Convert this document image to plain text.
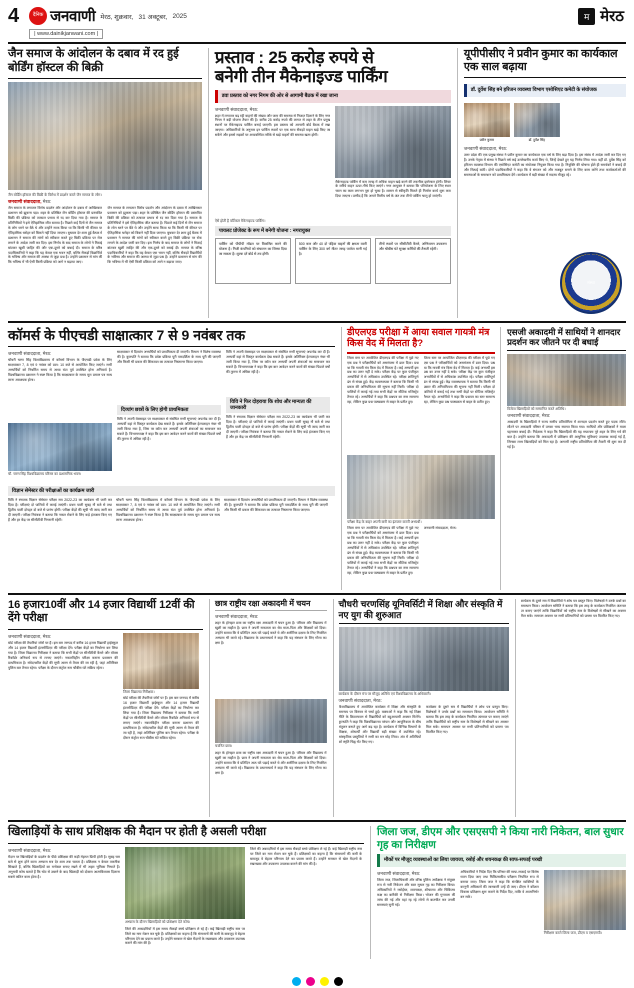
4	दैनिक जनवाणी मेरठ, शुक्रवार, 31 अक्टूबर, 2025
| www.dainikjanwani.com |
म मेरठ
जैन समाज के आंदोलन के दबाव में रद हुई बोर्डिंग हॉस्टल की बिक्री
जैन बोर्डिंग हॉस्टल की बिक्री के विरोध में प्रदर्शन करते जैन समाज के लोग।
जनवाणी संवाददाता, मेरठ:
जैन समाज के लगातार विरोध प्रदर्शन और आंदोलन के दबाव में आखिरकार प्रशासन को झुकना पड़ा। शहर के प्रतिष्ठित जैन बोर्डिंग हॉस्टल की प्रस्तावित बिक्री की प्रक्रिया को तत्काल प्रभाव से रद कर दिया गया है। समाज के प्रतिनिधियों ने इसे ऐतिहासिक जीत बताया है। पिछले कई दिनों से जैन समाज के लोग धरने पर बैठे थे और उन्होंने साफ किया था कि किसी भी कीमत पर ऐतिहासिक धरोहर को बिकने नहीं दिया जाएगा। बुधवार देर शाम हुई बैठक में प्रशासन ने समाज की मांगों को स्वीकार करते हुए बिक्री प्रक्रिया पर रोक लगाने के आदेश जारी कर दिए। इस निर्णय के बाद समाज के लोगों ने मिठाई बांटकर खुशी जाहिर की और एक-दूसरे को बधाई दी। समाज के वरिष्ठ पदाधिकारियों ने कहा कि यह केवल एक भवन नहीं, बल्कि सैकड़ों विद्यार्थियों के भविष्य और समाज की आस्था से जुड़ा प्रश्न है। उन्होंने प्रशासन से मांग की कि भविष्य में भी ऐसी किसी प्रक्रिया को आगे न बढ़ाया जाए।
जैन समाज के लगातार विरोध प्रदर्शन और आंदोलन के दबाव में आखिरकार प्रशासन को झुकना पड़ा। शहर के प्रतिष्ठित जैन बोर्डिंग हॉस्टल की प्रस्तावित बिक्री की प्रक्रिया को तत्काल प्रभाव से रद कर दिया गया है। समाज के प्रतिनिधियों ने इसे ऐतिहासिक जीत बताया है। पिछले कई दिनों से जैन समाज के लोग धरने पर बैठे थे और उन्होंने साफ किया था कि किसी भी कीमत पर ऐतिहासिक धरोहर को बिकने नहीं दिया जाएगा। बुधवार देर शाम हुई बैठक में प्रशासन ने समाज की मांगों को स्वीकार करते हुए बिक्री प्रक्रिया पर रोक लगाने के आदेश जारी कर दिए। इस निर्णय के बाद समाज के लोगों ने मिठाई बांटकर खुशी जाहिर की और एक-दूसरे को बधाई दी। समाज के वरिष्ठ पदाधिकारियों ने कहा कि यह केवल एक भवन नहीं, बल्कि सैकड़ों विद्यार्थियों के भविष्य और समाज की आस्था से जुड़ा प्रश्न है। उन्होंने प्रशासन से मांग की कि भविष्य में भी ऐसी किसी प्रक्रिया को आगे न बढ़ाया जाए।
प्रस्ताव : 25 करोड़ रुपये से
बनेगी तीन मैकेनाइज्ड पार्किंग
डवा प्रस्ताव को नगर निगम की ओर से आगामी बैठक में रखा जाना
जनवाणी संवाददाता, मेरठ:
शहर में लगातार बढ़ रही वाहनों की संख्या और जाम की समस्या से निजात दिलाने के लिए नगर निगम ने बड़ी योजना तैयार की है। करीब 25 करोड़ रुपये की लागत से शहर के तीन प्रमुख स्थानों पर मैकेनाइज्ड पार्किंग बनाई जाएगी। इस प्रस्ताव को आगामी बोर्ड बैठक में रखा जाएगा। अधिकारियों के अनुसार इन पार्किंग स्थलों पर एक साथ सैकड़ों वाहन खड़े किए जा सकेंगे और इससे सड़कों पर अव्यवस्थित तरीके से खड़े वाहनों की समस्या खत्म होगी।
मैकेनाइज्ड पार्किंग में कम जगह में अधिक वाहन खड़े करने की तकनीक इस्तेमाल होगी। लिफ्ट के जरिये वाहन ऊपर-नीचे किए जाएंगे। नगर आयुक्त ने बताया कि परियोजना के लिए स्थल चयन का काम लगभग पूरा हो चुका है। शासन से स्वीकृति मिलते ही निर्माण कार्य शुरू करा दिया जाएगा। उम्मीद है कि अगले वित्तीय वर्ष के अंत तक तीनों पार्किंग चालू हो जाएंगी।
ऐसे होती है वर्टिकल मैकेनाइज्ड पार्किंग।
पायलट प्रोजेक्ट के रूप में बनेगी योजना : नगरायुक्त
पार्किंग को पीपीपी मॉडल पर विकसित करने की योजना है। निजी कंपनियों को संचालन का जिम्मा दिया जा सकता है। शुल्क दरें बोर्ड से तय होंगी।
500 कार और 40 दो पहिया वाहनों की क्षमता वाली पार्किंग के लिए 300 वर्ग मीटर जगह पर्याप्त मानी गई है।
तीनों स्थलों पर सीसीटीवी कैमरे, अग्निशमन उपकरण और चौबीस घंटे सुरक्षा कर्मियों की तैनाती रहेगी।
यूपीपीसीए ने प्रवीन कुमार का कार्यकाल एक साल बढ़ाया
डॉ. दुर्वेश सिंह बने हरिजन व्यवस्था विभाग एसोसिएट कमेटी के संयोजक
प्रवीन कुमार	डॉ. दुर्वेश सिंह
जनवाणी संवाददाता, मेरठ:
उत्तर प्रदेश की एक प्रमुख संस्था ने प्रवीन कुमार का कार्यकाल एक वर्ष के लिए बढ़ा दिया है। इस संबंध में आदेश जारी कर दिए गए हैं। उनके नेतृत्व में संस्था ने पिछले वर्ष कई उल्लेखनीय कार्य किए थे, जिन्हें देखते हुए यह निर्णय लिया गया। वहीं डॉ. दुर्वेश सिंह को हरिजन व्यवस्था विभाग की एसोसिएट कमेटी का संयोजक नियुक्त किया गया है। नियुक्ति की घोषणा होते ही समर्थकों ने बधाई दी और मिठाई बांटी। दोनों पदाधिकारियों ने कहा कि वे संगठन को और मजबूत बनाने के लिए काम करेंगे तथा कार्यकर्ताओं की समस्याओं के समाधान को प्राथमिकता देंगे। कार्यक्रम में बड़ी संख्या में सदस्य मौजूद रहे।
संस्था
कॉमर्स के पीएचडी साक्षात्कार 7 से 9 नवंबर तक
जनवाणी संवाददाता, मेरठ:
चौधरी चरण सिंह विश्वविद्यालय में कॉमर्स विभाग के पीएचडी प्रवेश के लिए साक्षात्कार 7, 8 एवं 9 नवंबर को प्रात: 10 बजे से आयोजित किए जाएंगे। सभी अभ्यर्थियों को निर्धारित समय से आधा घंटा पूर्व उपस्थित होना अनिवार्य है। विश्वविद्यालय प्रशासन ने स्पष्ट किया है कि साक्षात्कार के समय मूल प्रमाण पत्र साथ लाना आवश्यक होगा।
चौ. चरण सिंह विश्वविद्यालय परिसर का प्रशासनिक भवन।
साक्षात्कार में दिव्यांग अभ्यर्थियों को प्राथमिकता दी जाएगी। विभाग ने विशेष व्यवस्था की है। कुलपति ने बताया कि प्रवेश प्रक्रिया पूरी पारदर्शिता के साथ पूरी की जाएगी और किसी भी प्रकार की शिकायत का तत्काल निस्तारण किया जाएगा।
दिव्यांग छात्रों के लिए होगी प्राथमिकता
विवि ने अपनी वेबसाइट पर साक्षात्कार से संबंधित सभी सूचनाएं अपलोड कर दी हैं। अभ्यर्थी वहां से विस्तृत कार्यक्रम देख सकते हैं। इसके अतिरिक्त हेल्पलाइन नंबर भी जारी किया गया है, जिस पर कॉल कर अभ्यर्थी अपनी शंकाओं का समाधान कर सकते हैं। विभागाध्यक्ष ने कहा कि इस बार आवेदन करने वालों की संख्या पिछले वर्षों की तुलना में अधिक रही है।
विवि ने अपनी वेबसाइट पर साक्षात्कार से संबंधित सभी सूचनाएं अपलोड कर दी हैं। अभ्यर्थी वहां से विस्तृत कार्यक्रम देख सकते हैं। इसके अतिरिक्त हेल्पलाइन नंबर भी जारी किया गया है, जिस पर कॉल कर अभ्यर्थी अपनी शंकाओं का समाधान कर सकते हैं। विभागाध्यक्ष ने कहा कि इस बार आवेदन करने वालों की संख्या पिछले वर्षों की तुलना में अधिक रही है।
विवि ने फिर दोहराया कि शोध और मान्यता की जानकारी
विवि ने स्नातक विज्ञान सेमेस्टर परीक्षा सत्र 2022-23 का कार्यक्रम भी जारी कर दिया है। परीक्षाएं दो पालियों में कराई जाएंगी। प्रथम पाली सुबह नौ बजे से तथा द्वितीय पाली दोपहर दो बजे से प्रारंभ होगी। परीक्षा केंद्रों की सूची भी जल्द जारी कर दी जाएगी। परीक्षा नियंत्रक ने बताया कि नकल रोकने के लिए कड़े इंतजाम किए गए हैं और हर केंद्र पर सीसीटीवी निगरानी रहेगी।
विज्ञान सेमेस्टर की परीक्षाओं का कार्यक्रम जारी
विवि ने स्नातक विज्ञान सेमेस्टर परीक्षा सत्र 2022-23 का कार्यक्रम भी जारी कर दिया है। परीक्षाएं दो पालियों में कराई जाएंगी। प्रथम पाली सुबह नौ बजे से तथा द्वितीय पाली दोपहर दो बजे से प्रारंभ होगी। परीक्षा केंद्रों की सूची भी जल्द जारी कर दी जाएगी। परीक्षा नियंत्रक ने बताया कि नकल रोकने के लिए कड़े इंतजाम किए गए हैं और हर केंद्र पर सीसीटीवी निगरानी रहेगी।
चौधरी चरण सिंह विश्वविद्यालय में कॉमर्स विभाग के पीएचडी प्रवेश के लिए साक्षात्कार 7, 8 एवं 9 नवंबर को प्रात: 10 बजे से आयोजित किए जाएंगे। सभी अभ्यर्थियों को निर्धारित समय से आधा घंटा पूर्व उपस्थित होना अनिवार्य है। विश्वविद्यालय प्रशासन ने स्पष्ट किया है कि साक्षात्कार के समय मूल प्रमाण पत्र साथ लाना आवश्यक होगा।
साक्षात्कार में दिव्यांग अभ्यर्थियों को प्राथमिकता दी जाएगी। विभाग ने विशेष व्यवस्था की है। कुलपति ने बताया कि प्रवेश प्रक्रिया पूरी पारदर्शिता के साथ पूरी की जाएगी और किसी भी प्रकार की शिकायत का तत्काल निस्तारण किया जाएगा।
डीएलएड परीक्षा में आया सवाल गायत्री मंत्र किस वेद में मिलता है?
जिला स्तर पर आयोजित डीएलएड की परीक्षा में पूछे गए एक प्रश्न ने परीक्षार्थियों को असमंजस में डाल दिया। प्रश्न था कि गायत्री मंत्र किस वेद में मिलता है। कई अभ्यर्थी इस प्रश्न का उत्तर नहीं दे सके। परीक्षा केंद्र पर कुल पंजीकृत अभ्यर्थियों में से अधिकांश उपस्थित रहे। परीक्षा शांतिपूर्ण ढंग से संपन्न हुई। केंद्र व्यवस्थापक ने बताया कि किसी भी प्रकार की अनियमितता की सूचना नहीं मिली। परीक्षा दो पालियों में कराई गई तथा सभी केंद्रों पर स्टैटिक मजिस्ट्रेट तैनात रहे। अभ्यर्थियों ने कहा कि प्रश्नपत्र का स्तर सामान्य रहा, लेकिन कुछ प्रश्न पाठ्यक्रम से बाहर के प्रतीत हुए।
जिला स्तर पर आयोजित डीएलएड की परीक्षा में पूछे गए एक प्रश्न ने परीक्षार्थियों को असमंजस में डाल दिया। प्रश्न था कि गायत्री मंत्र किस वेद में मिलता है। कई अभ्यर्थी इस प्रश्न का उत्तर नहीं दे सके। परीक्षा केंद्र पर कुल पंजीकृत अभ्यर्थियों में से अधिकांश उपस्थित रहे। परीक्षा शांतिपूर्ण ढंग से संपन्न हुई। केंद्र व्यवस्थापक ने बताया कि किसी भी प्रकार की अनियमितता की सूचना नहीं मिली। परीक्षा दो पालियों में कराई गई तथा सभी केंद्रों पर स्टैटिक मजिस्ट्रेट तैनात रहे। अभ्यर्थियों ने कहा कि प्रश्नपत्र का स्तर सामान्य रहा, लेकिन कुछ प्रश्न पाठ्यक्रम से बाहर के प्रतीत हुए।
परीक्षा केंद्र के बाहर अपनी बारी का इंतजार करतीं अभ्यर्थी।
जिला स्तर पर आयोजित डीएलएड की परीक्षा में पूछे गए एक प्रश्न ने परीक्षार्थियों को असमंजस में डाल दिया। प्रश्न था कि गायत्री मंत्र किस वेद में मिलता है। कई अभ्यर्थी इस प्रश्न का उत्तर नहीं दे सके। परीक्षा केंद्र पर कुल पंजीकृत अभ्यर्थियों में से अधिकांश उपस्थित रहे। परीक्षा शांतिपूर्ण ढंग से संपन्न हुई। केंद्र व्यवस्थापक ने बताया कि किसी भी प्रकार की अनियमितता की सूचना नहीं मिली। परीक्षा दो पालियों में कराई गई तथा सभी केंद्रों पर स्टैटिक मजिस्ट्रेट तैनात रहे। अभ्यर्थियों ने कहा कि प्रश्नपत्र का स्तर सामान्य रहा, लेकिन कुछ प्रश्न पाठ्यक्रम से बाहर के प्रतीत हुए।
जनवाणी संवाददाता, मेरठ:
एसजी अकादमी में साथियों ने शानदार प्रदर्शन कर जीतने पर दी बधाई
विजेता खिलाड़ियों को सम्मानित करते अतिथि।
जनवाणी संवाददाता, मेरठ:
अकादमी के खिलाड़ियों ने राज्य स्तरीय प्रतियोगिता में शानदार प्रदर्शन करते हुए पदक जीते। लौटने पर अकादमी परिसर में उनका भव्य स्वागत किया गया। साथियों और प्रशिक्षकों ने माला पहनाकर बधाई दी। निदेशक ने कहा कि खिलाड़ियों की यह सफलता पूरे शहर के लिए गर्व की बात है। उन्होंने बताया कि अकादमी में प्रशिक्षण की आधुनिक सुविधाएं उपलब्ध कराई गई हैं, जिनका लाभ खिलाड़ियों को मिल रहा है। आगामी राष्ट्रीय प्रतियोगिता की तैयारी भी शुरू कर दी गई है।
16 हजार10वीं और 14 हजार विद्यार्थी 12वीं की देंगे परीक्षा
जनवाणी संवाददाता, मेरठ:
बोर्ड परीक्षा की तैयारियां जोरों पर हैं। इस बार जनपद में करीब 16 हजार विद्यार्थी हाईस्कूल और 14 हजार विद्यार्थी इंटरमीडिएट की परीक्षा देंगे। परीक्षा केंद्रों का निर्धारण कर लिया गया है। जिला विद्यालय निरीक्षक ने बताया कि सभी केंद्रों पर सीसीटीवी कैमरे और वॉयस रिकॉर्डर अनिवार्य रूप से लगाए जाएंगे। नकलविहीन परीक्षा कराना प्रशासन की प्राथमिकता है। संवेदनशील केंद्रों की सूची अलग से तैयार की जा रही है, जहां अतिरिक्त पुलिस बल तैनात रहेगा। परीक्षा के दौरान कंट्रोल रूम चौबीस घंटे सक्रिय रहेगा।
जिला विद्यालय निरीक्षक।
बोर्ड परीक्षा की तैयारियां जोरों पर हैं। इस बार जनपद में करीब 16 हजार विद्यार्थी हाईस्कूल और 14 हजार विद्यार्थी इंटरमीडिएट की परीक्षा देंगे। परीक्षा केंद्रों का निर्धारण कर लिया गया है। जिला विद्यालय निरीक्षक ने बताया कि सभी केंद्रों पर सीसीटीवी कैमरे और वॉयस रिकॉर्डर अनिवार्य रूप से लगाए जाएंगे। नकलविहीन परीक्षा कराना प्रशासन की प्राथमिकता है। संवेदनशील केंद्रों की सूची अलग से तैयार की जा रही है, जहां अतिरिक्त पुलिस बल तैनात रहेगा। परीक्षा के दौरान कंट्रोल रूम चौबीस घंटे सक्रिय रहेगा।
छात्र राष्ट्रीय रक्षा अकादमी में चयन
जनवाणी संवाददाता, मेरठ:
शहर के होनहार छात्र का राष्ट्रीय रक्षा अकादमी में चयन हुआ है। परिवार और विद्यालय में खुशी का माहौल है। छात्र ने अपनी सफलता का श्रेय माता-पिता और शिक्षकों को दिया। उन्होंने बताया कि वे प्रतिदिन आठ घंटे पढ़ाई करते थे और शारीरिक दक्षता के लिए नियमित अभ्यास भी करते रहे। विद्यालय के प्रधानाचार्य ने कहा कि यह संस्थान के लिए गौरव का क्षण है।
चयनित छात्र।
शहर के होनहार छात्र का राष्ट्रीय रक्षा अकादमी में चयन हुआ है। परिवार और विद्यालय में खुशी का माहौल है। छात्र ने अपनी सफलता का श्रेय माता-पिता और शिक्षकों को दिया। उन्होंने बताया कि वे प्रतिदिन आठ घंटे पढ़ाई करते थे और शारीरिक दक्षता के लिए नियमित अभ्यास भी करते रहे। विद्यालय के प्रधानाचार्य ने कहा कि यह संस्थान के लिए गौरव का क्षण है।
चौधरी चरणसिंह यूनिवर्सिटी में शिक्षा और संस्कृति में नए युग की शुरुआत
कार्यक्रम के दौरान मंच पर मौजूद अतिथि एवं विश्वविद्यालय के अधिकारी।
जनवाणी संवाददाता, मेरठ:
विश्वविद्यालय में आयोजित कार्यक्रम में शिक्षा और संस्कृति के समन्वय पर विस्तार से चर्चा हुई। वक्ताओं ने कहा कि नई शिक्षा नीति के क्रियान्वयन से विद्यार्थियों को बहुआयामी अवसर मिलेंगे। कुलपति ने कहा कि विश्वविद्यालय परंपरा और आधुनिकता के बीच संतुलन बनाते हुए आगे बढ़ रहा है। कार्यक्रम में विभिन्न विभागों के शिक्षक, शोधार्थी और विद्यार्थी बड़ी संख्या में उपस्थित रहे। सांस्कृतिक प्रस्तुतियों ने सभी का मन मोह लिया। अंत में अतिथियों को स्मृति चिह्न भेंट किए गए।
कार्यक्रम के दूसरे सत्र में विद्यार्थियों ने शोध पत्र प्रस्तुत किए। विशेषज्ञों ने उनके प्रश्नों का समाधान किया। आयोजन समिति ने बताया कि इस तरह के कार्यक्रम नियमित अंतराल पर कराए जाएंगे ताकि विद्यार्थियों को राष्ट्रीय स्तर के विशेषज्ञों से सीखने का अवसर मिल सके। समापन अवसर पर सभी प्रतिभागियों को प्रमाण पत्र वितरित किए गए।
कार्यक्रम के दूसरे सत्र में विद्यार्थियों ने शोध पत्र प्रस्तुत किए। विशेषज्ञों ने उनके प्रश्नों का समाधान किया। आयोजन समिति ने बताया कि इस तरह के कार्यक्रम नियमित अंतराल पर कराए जाएंगे ताकि विद्यार्थियों को राष्ट्रीय स्तर के विशेषज्ञों से सीखने का अवसर मिल सके। समापन अवसर पर सभी प्रतिभागियों को प्रमाण पत्र वितरित किए गए।
खिलाड़ियों के साथ प्रशिक्षक की मैदान पर होती है असली परीक्षा
जनवाणी संवाददाता, मेरठ:
मैदान पर खिलाड़ियों के प्रदर्शन के पीछे प्रशिक्षक की कड़ी मेहनत छिपी होती है। सुबह चार बजे से शुरू होने वाला अभ्यास सत्र देर शाम तक चलता है। प्रशिक्षक न केवल तकनीक सिखाते हैं, बल्कि खिलाड़ियों का मनोबल बनाए रखने में भी अहम भूमिका निभाते हैं। अनुभवी कोच बताते हैं कि चोट से उबरने के बाद खिलाड़ी को दोबारा आत्मविश्वास दिलाना सबसे कठिन काम होता है।
अभ्यास के दौरान खिलाड़ियों को प्रशिक्षण देते कोच।
जिले की अकादमियों में इस समय सैकड़ों बच्चे प्रशिक्षण ले रहे हैं। कई खिलाड़ी राष्ट्रीय स्तर पर जिले का नाम रोशन कर चुके हैं। प्रशिक्षकों का कहना है कि संसाधनों की कमी के बावजूद वे बेहतर परिणाम देने का प्रयास करते हैं। उन्होंने सरकार से खेल मैदानों के रखरखाव और उपकरण उपलब्ध कराने की मांग की है।
जिले की अकादमियों में इस समय सैकड़ों बच्चे प्रशिक्षण ले रहे हैं। कई खिलाड़ी राष्ट्रीय स्तर पर जिले का नाम रोशन कर चुके हैं। प्रशिक्षकों का कहना है कि संसाधनों की कमी के बावजूद वे बेहतर परिणाम देने का प्रयास करते हैं। उन्होंने सरकार से खेल मैदानों के रखरखाव और उपकरण उपलब्ध कराने की मांग की है।
जिला जज, डीएम और एसएसपी ने किया नारी निकेतन, बाल सुधार गृह का निरीक्षण
मौकों पर मौजूद व्यवस्थाओं का लिया जायजा, रसोई और शयनकक्ष की साफ-सफाई परखी
जनवाणी संवाददाता, मेरठ:
जिला जज, जिलाधिकारी और वरिष्ठ पुलिस अधीक्षक ने संयुक्त रूप से नारी निकेतन और बाल सुधार गृह का निरीक्षण किया। अधिकारियों ने रसोईघर, शयनकक्ष, शौचालय और चिकित्सा कक्ष का बारीकी से निरीक्षण किया। भोजन की गुणवत्ता की जांच की गई और वहां रह रहे लोगों से बातचीत कर उनकी समस्याएं सुनी गईं।
अधिकारियों ने निर्देश दिए कि परिसर की साफ-सफाई पर विशेष ध्यान दिया जाए तथा चिकित्सकीय परीक्षण नियमित रूप से कराया जाए। जिला जज ने कहा कि संरक्षित व्यक्तियों के कानूनी अधिकारों की जानकारी उन्हें दी जाए। डीएम ने कौशल विकास प्रशिक्षण शुरू कराने के निर्देश दिए, ताकि वे आत्मनिर्भर बन सकें।
निरीक्षण करते जिला जज, डीएम व एसएसपी।
